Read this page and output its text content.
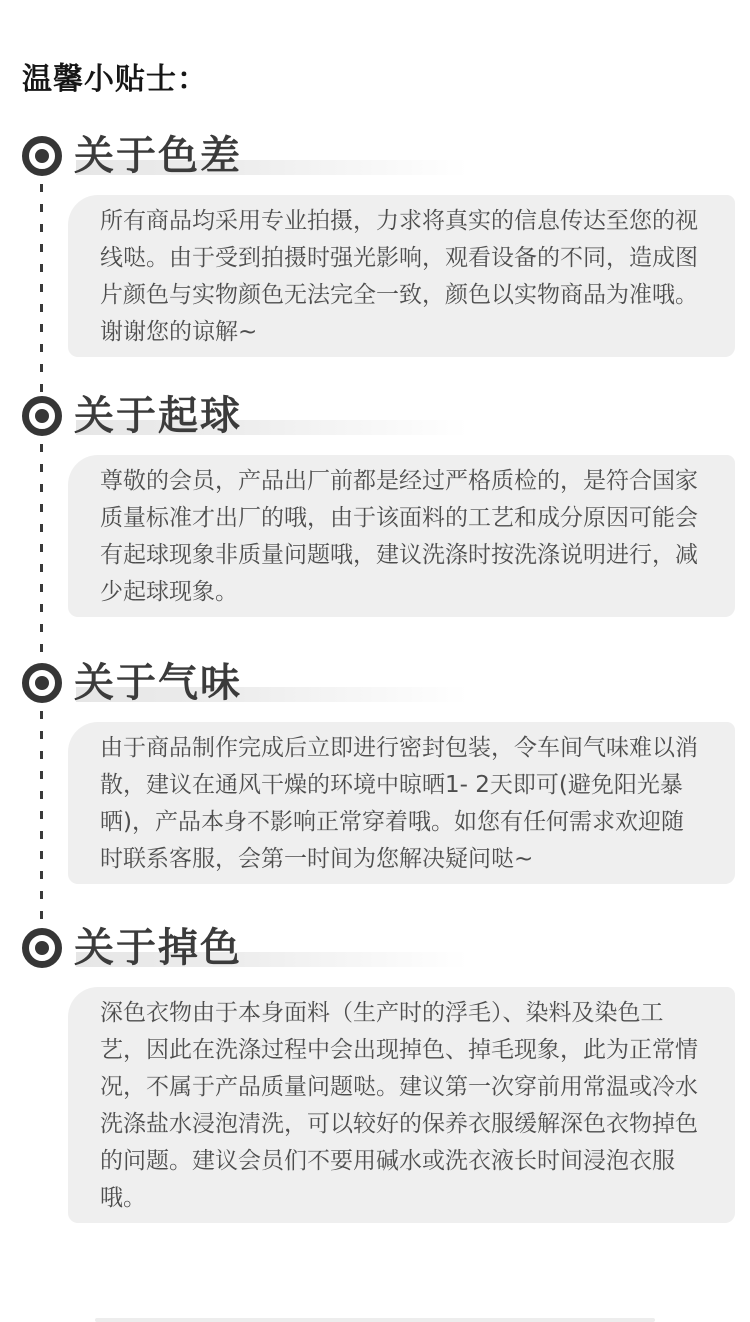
温馨小贴士：
关于色差

所有商品均采用专业拍摄，力求将真实的信息传达至您的视线哒。由于受到拍摄时强光影响，观看设备的不同，造成图片颜色与实物颜色无法完全一致，颜色以实物商品为准哦。谢谢您的谅解~

关于起球

尊敬的会员，产品出厂前都是经过严格质检的，是符合国家质量标准才出厂的哦，由于该面料的工艺和成分原因可能会有起球现象非质量问题哦，建议洗涤时按洗涤说明进行，减少起球现象。

关于气味

由于商品制作完成后立即进行密封包装，令车间气味难以消散，建议在通风干燥的环境中晾晒1- 2天即可(避免阳光暴晒)，产品本身不影响正常穿着哦。如您有任何需求欢迎随时联系客服，会第一时间为您解决疑问哒~

关于掉色

深色衣物由于本身面料（生产时的浮毛）、染料及染色工艺，因此在洗涤过程中会出现掉色、掉毛现象，此为正常情况，不属于产品质量问题哒。建议第一次穿前用常温或冷水洗涤盐水浸泡清洗，可以较好的保养衣服缓解深色衣物掉色的问题。建议会员们不要用碱水或洗衣液长时间浸泡衣服哦。
